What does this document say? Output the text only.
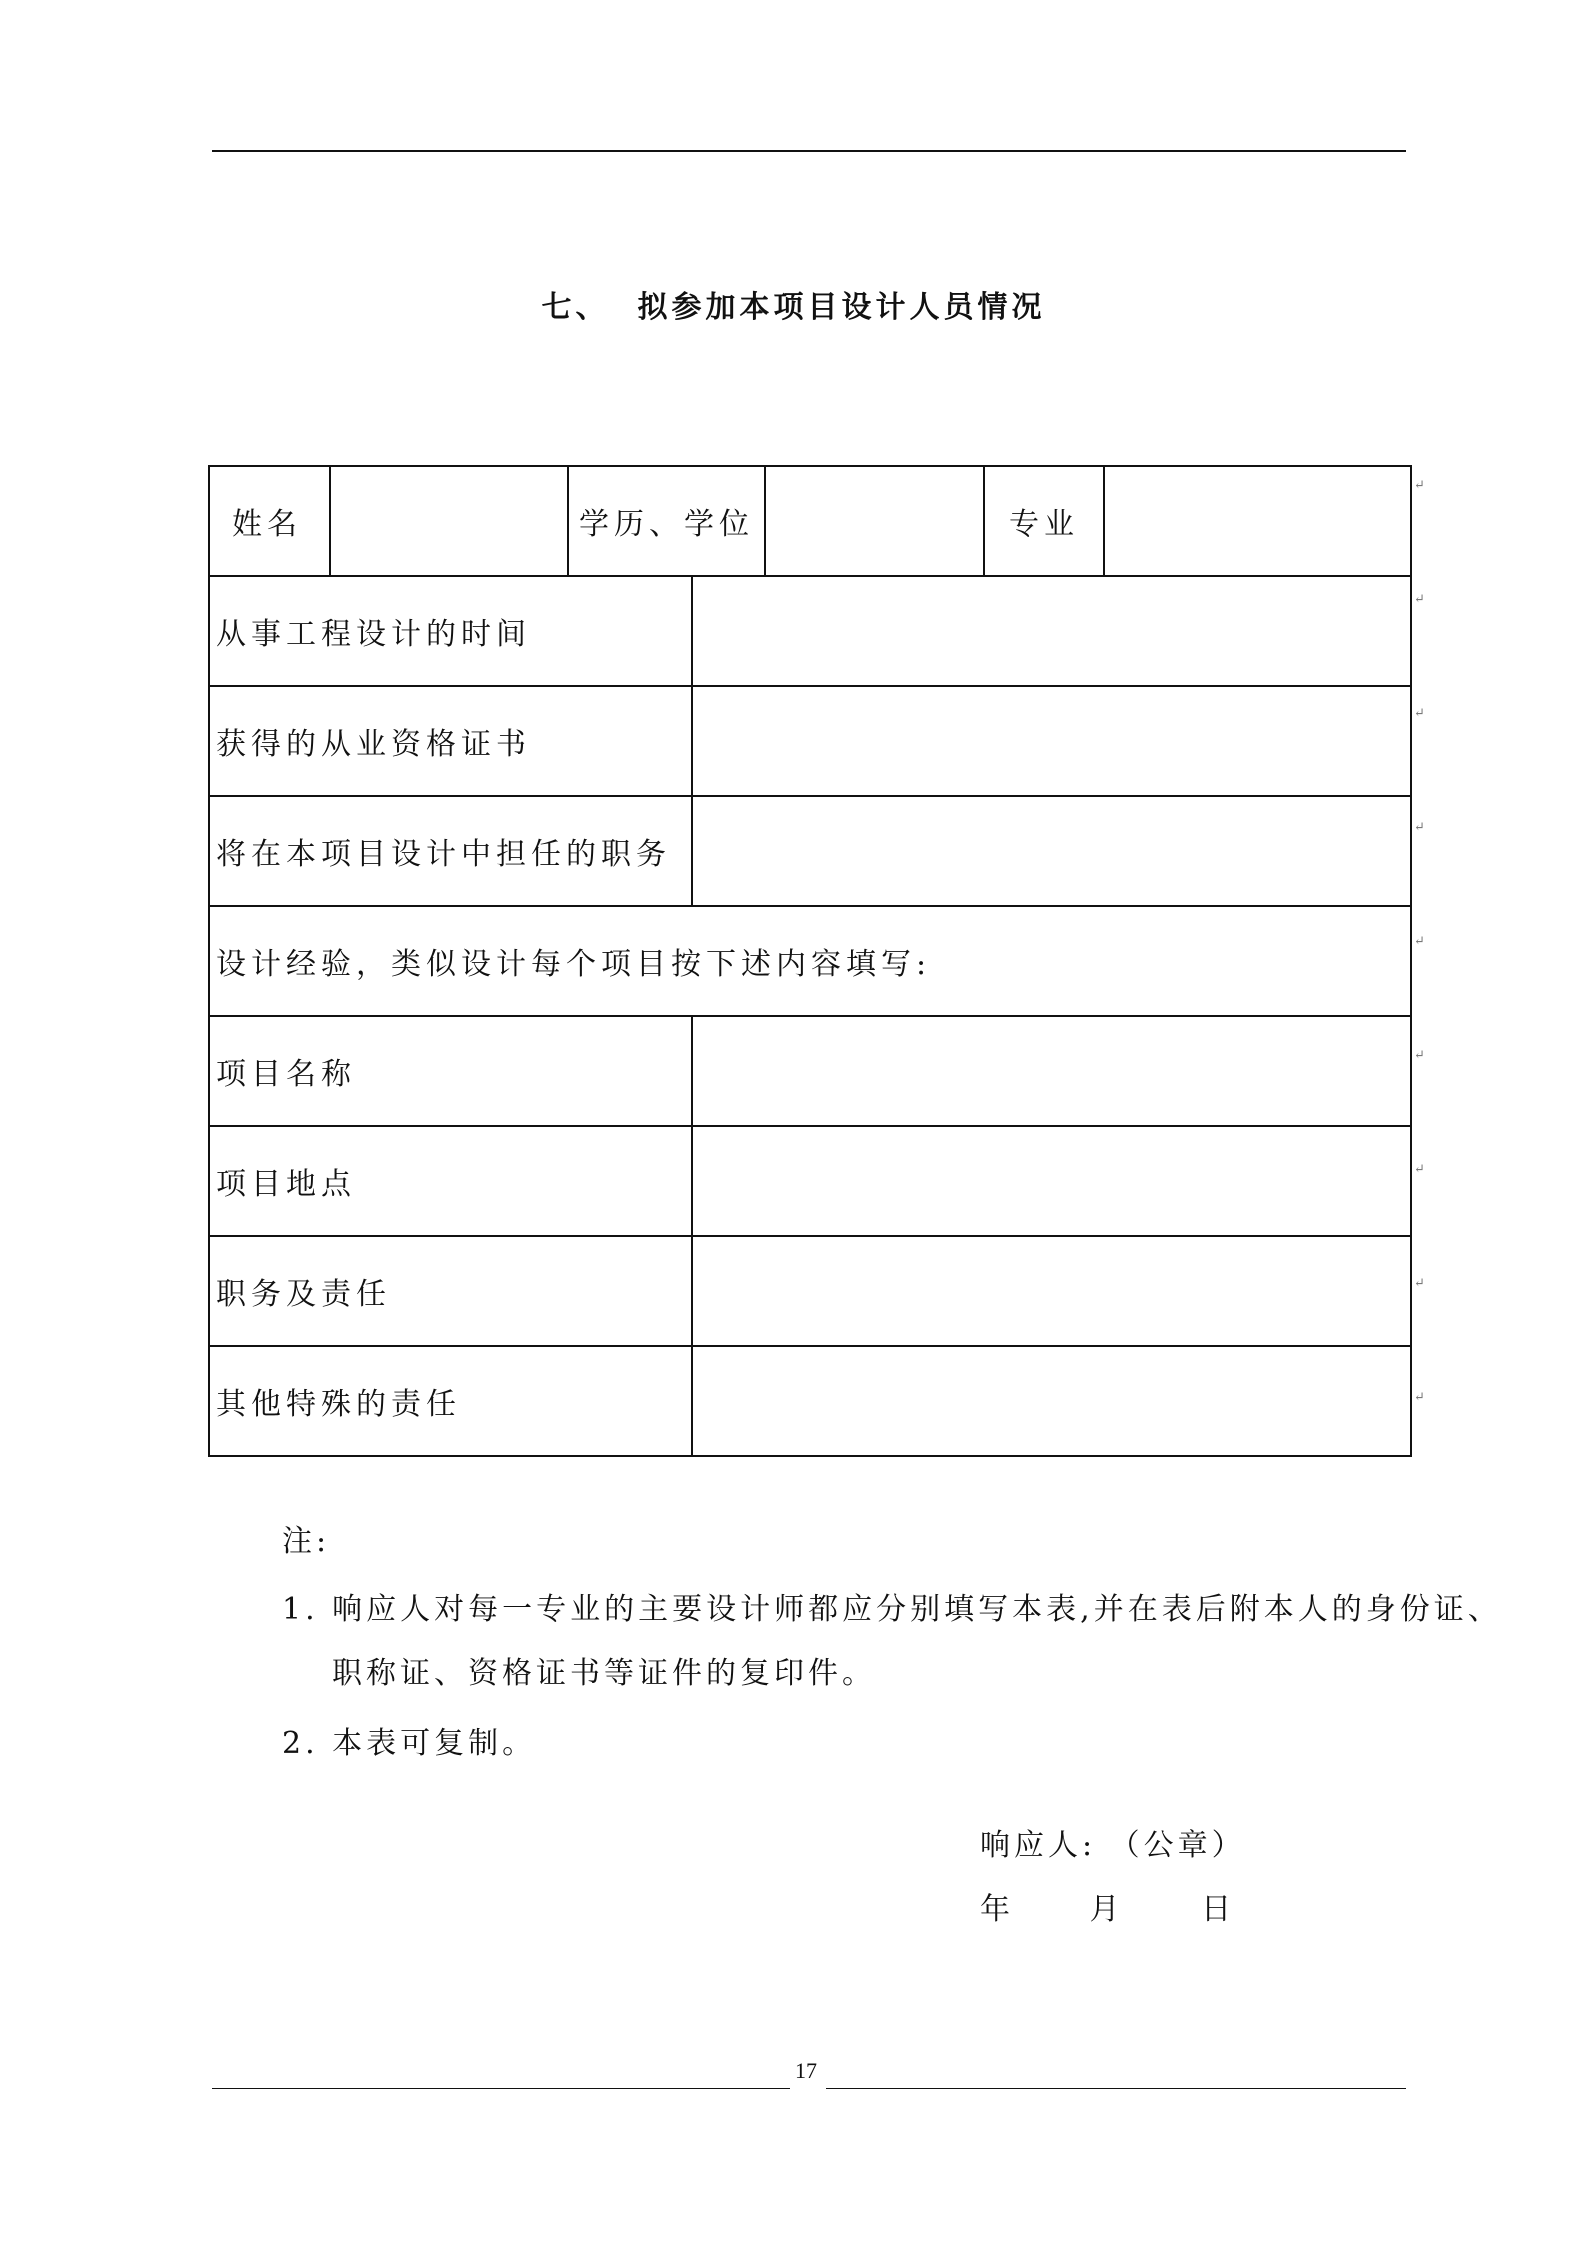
七、 拟参加本项目设计人员情况
姓名		学历、学位			专业	
从事工程设计的时间						
获得的从业资格证书						
将在本项目设计中担任的职务						
设计经验，类似设计每个项目按下述内容填写:						
项目名称						
项目地点						
职务及责任						
其他特殊的责任						
↵
↵
↵
↵
↵
↵
↵
↵
↵
注:
1. 响应人对每一专业的主要设计师都应分别填写本表,并在表后附本人的身份证、
职称证、资格证书等证件的复印件。
2. 本表可复制。
响应人: （公章）
年	月	日
17
